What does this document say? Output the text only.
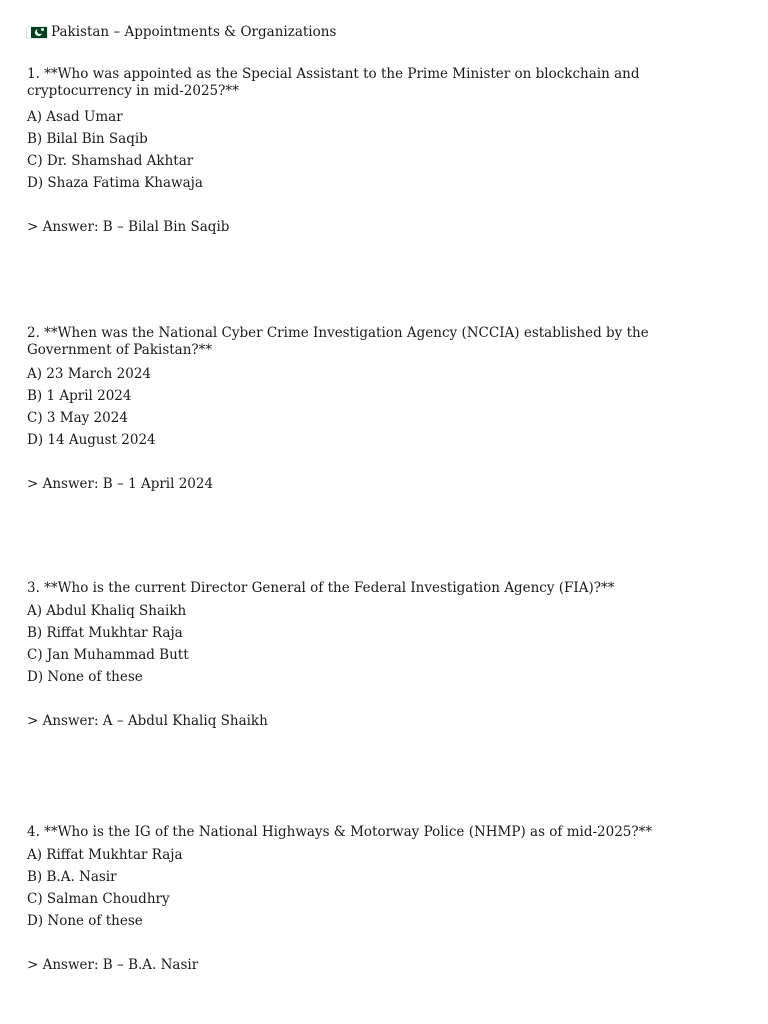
Pakistan – Appointments & Organizations

1. **Who was appointed as the Special Assistant to the Prime Minister on blockchain and cryptocurrency in mid-2025?**

A) Asad Umar
B) Bilal Bin Saqib
C) Dr. Shamshad Akhtar
D) Shaza Fatima Khawaja
> Answer: B – Bilal Bin Saqib

2. **When was the National Cyber Crime Investigation Agency (NCCIA) established by the Government of Pakistan?**

A) 23 March 2024
B) 1 April 2024
C) 3 May 2024
D) 14 August 2024
> Answer: B – 1 April 2024

3. **Who is the current Director General of the Federal Investigation Agency (FIA)?**

A) Abdul Khaliq Shaikh
B) Riffat Mukhtar Raja
C) Jan Muhammad Butt
D) None of these
> Answer: A – Abdul Khaliq Shaikh

4. **Who is the IG of the National Highways & Motorway Police (NHMP) as of mid-2025?**

A) Riffat Mukhtar Raja
B) B.A. Nasir
C) Salman Choudhry
D) None of these
> Answer: B – B.A. Nasir
